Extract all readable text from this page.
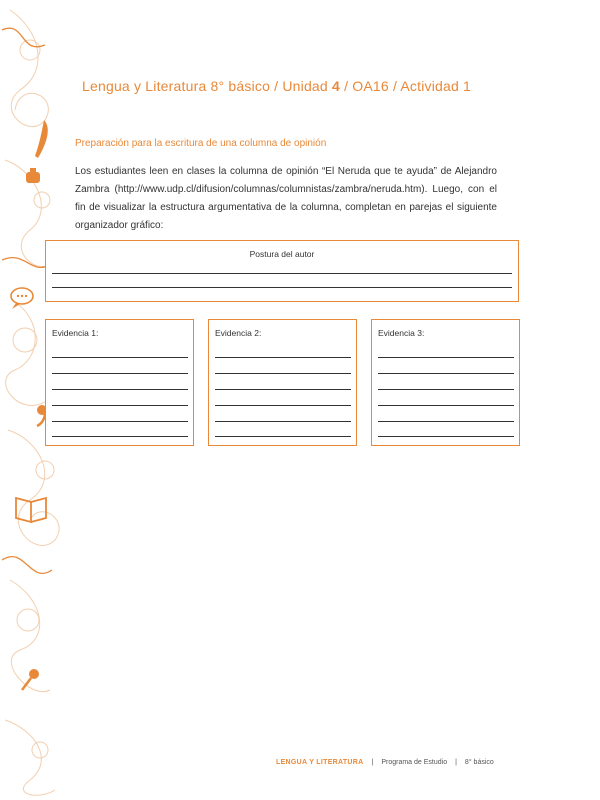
Lengua y Literatura 8° básico / Unidad 4 / OA16 / Actividad 1
Preparación para la escritura de una columna de opinión
Los estudiantes leen en clases la columna de opinión “El Neruda que te ayuda” de Alejandro Zambra (http://www.udp.cl/difusion/columnas/columnistas/zambra/neruda.htm). Luego, con el fin de visualizar la estructura argumentativa de la columna, completan en parejas el siguiente organizador gráfico:
Postura del autor
Evidencia 1:	Evidencia 2:	Evidencia 3:
LENGUA Y LITERATURA | Programa de Estudio | 8° básico
